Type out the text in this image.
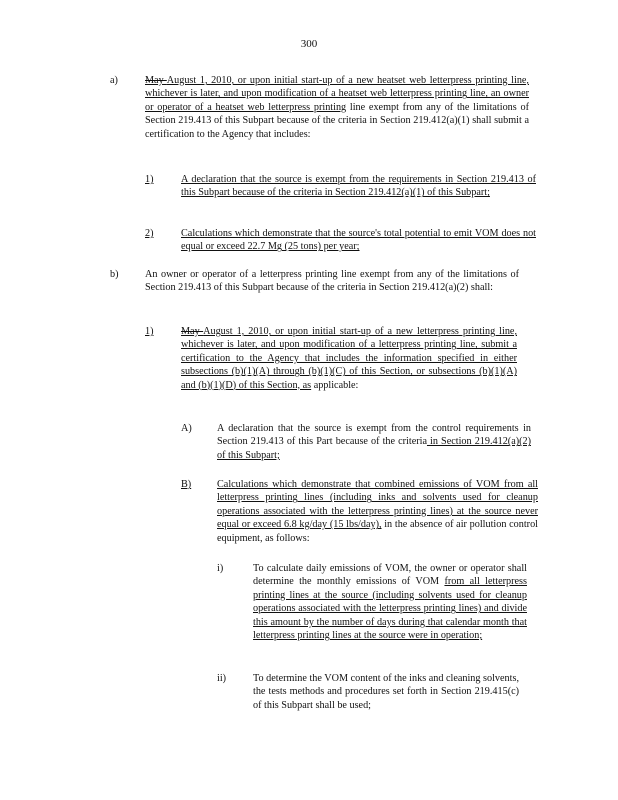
300
a)	May August 1, 2010, or upon initial start-up of a new heatset web letterpress printing line, whichever is later, and upon modification of a heatset web letterpress printing line, an owner or operator of a heatset web letterpress printing line exempt from any of the limitations of Section 219.413 of this Subpart because of the criteria in Section 219.412(a)(1) shall submit a certification to the Agency that includes:
1)	A declaration that the source is exempt from the requirements in Section 219.413 of this Subpart because of the criteria in Section 219.412(a)(1) of this Subpart;
2)	Calculations which demonstrate that the source's total potential to emit VOM does not equal or exceed 22.7 Mg (25 tons) per year;
b)	An owner or operator of a letterpress printing line exempt from any of the limitations of Section 219.413 of this Subpart because of the criteria in Section 219.412(a)(2) shall:
1)	May August 1, 2010, or upon initial start-up of a new letterpress printing line, whichever is later, and upon modification of a letterpress printing line, submit a certification to the Agency that includes the information specified in either subsections (b)(1)(A) through (b)(1)(C) of this Section, or subsections (b)(1)(A) and (b)(1)(D) of this Section, as applicable:
A) A declaration that the source is exempt from the control requirements in Section 219.413 of this Part because of the criteria in Section 219.412(a)(2) of this Subpart;
B)	Calculations which demonstrate that combined emissions of VOM from all letterpress printing lines (including inks and solvents used for cleanup operations associated with the letterpress printing lines) at the source never equal or exceed 6.8 kg/day (15 lbs/day), in the absence of air pollution control equipment, as follows:
i)	To calculate daily emissions of VOM, the owner or operator shall determine the monthly emissions of VOM from all letterpress printing lines at the source (including solvents used for cleanup operations associated with the letterpress printing lines) and divide this amount by the number of days during that calendar month that letterpress printing lines at the source were in operation;
ii)	To determine the VOM content of the inks and cleaning solvents, the tests methods and procedures set forth in Section 219.415(c) of this Subpart shall be used;
